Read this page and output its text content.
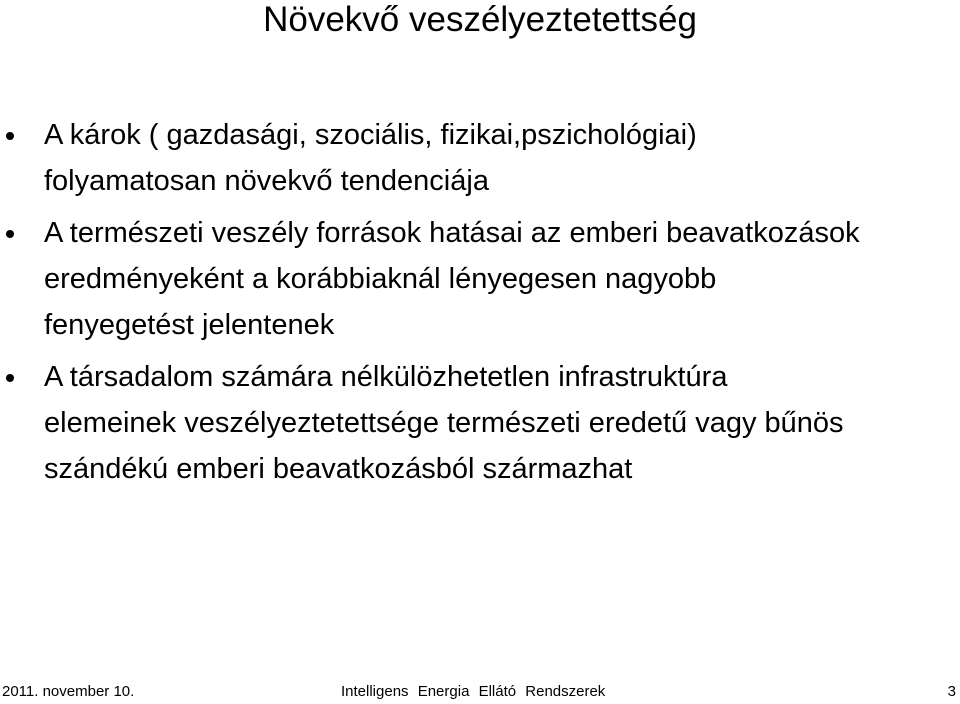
Növekvő veszélyeztetettség
A károk ( gazdasági, szociális, fizikai,pszichológiai)
folyamatosan növekvő tendenciája
A természeti veszély források hatásai az emberi beavatkozások
eredményeként a korábbiaknál lényegesen nagyobb
fenyegetést jelentenek
A társadalom számára nélkülözhetetlen infrastruktúra
elemeinek veszélyeztetettsége természeti eredetű vagy bűnös
szándékú emberi beavatkozásból származhat
2011. november 10.	Intelligens Energia Ellátó Rendszerek	3
